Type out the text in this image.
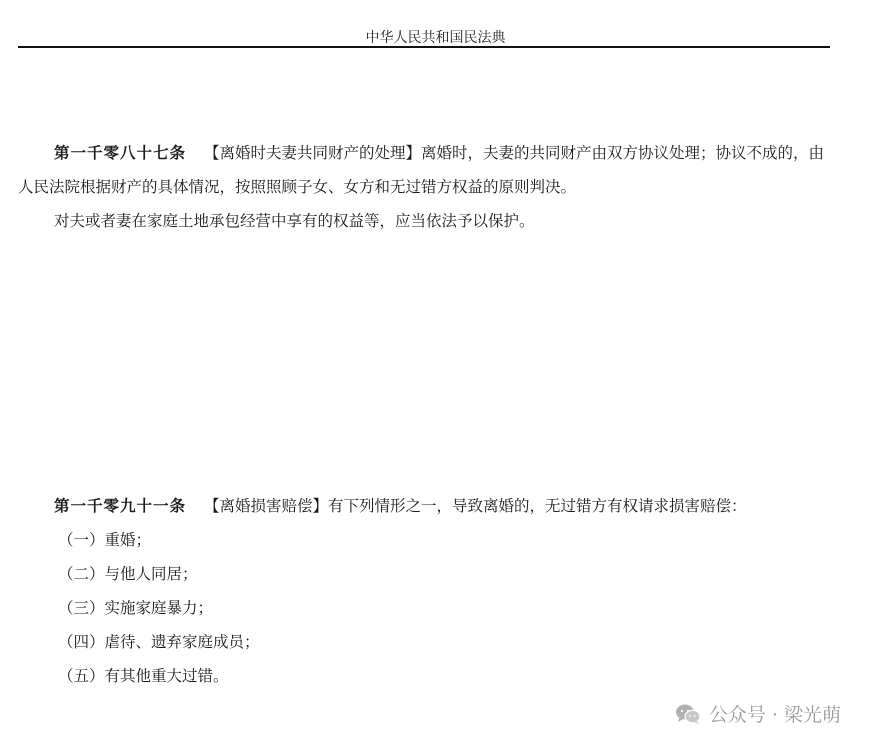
中华人民共和国民法典

第一千零八十七条 【离婚时夫妻共同财产的处理】离婚时，夫妻的共同财产由双方协议处理；协议不成的，由人民法院根据财产的具体情况，按照照顾子女、女方和无过错方权益的原则判决。

对夫或者妻在家庭土地承包经营中享有的权益等，应当依法予以保护。

第一千零九十一条 【离婚损害赔偿】有下列情形之一，导致离婚的，无过错方有权请求损害赔偿：

（一）重婚；

（二）与他人同居；

（三）实施家庭暴力；

（四）虐待、遗弃家庭成员；

（五）有其他重大过错。

公众号 · 梁光萌
